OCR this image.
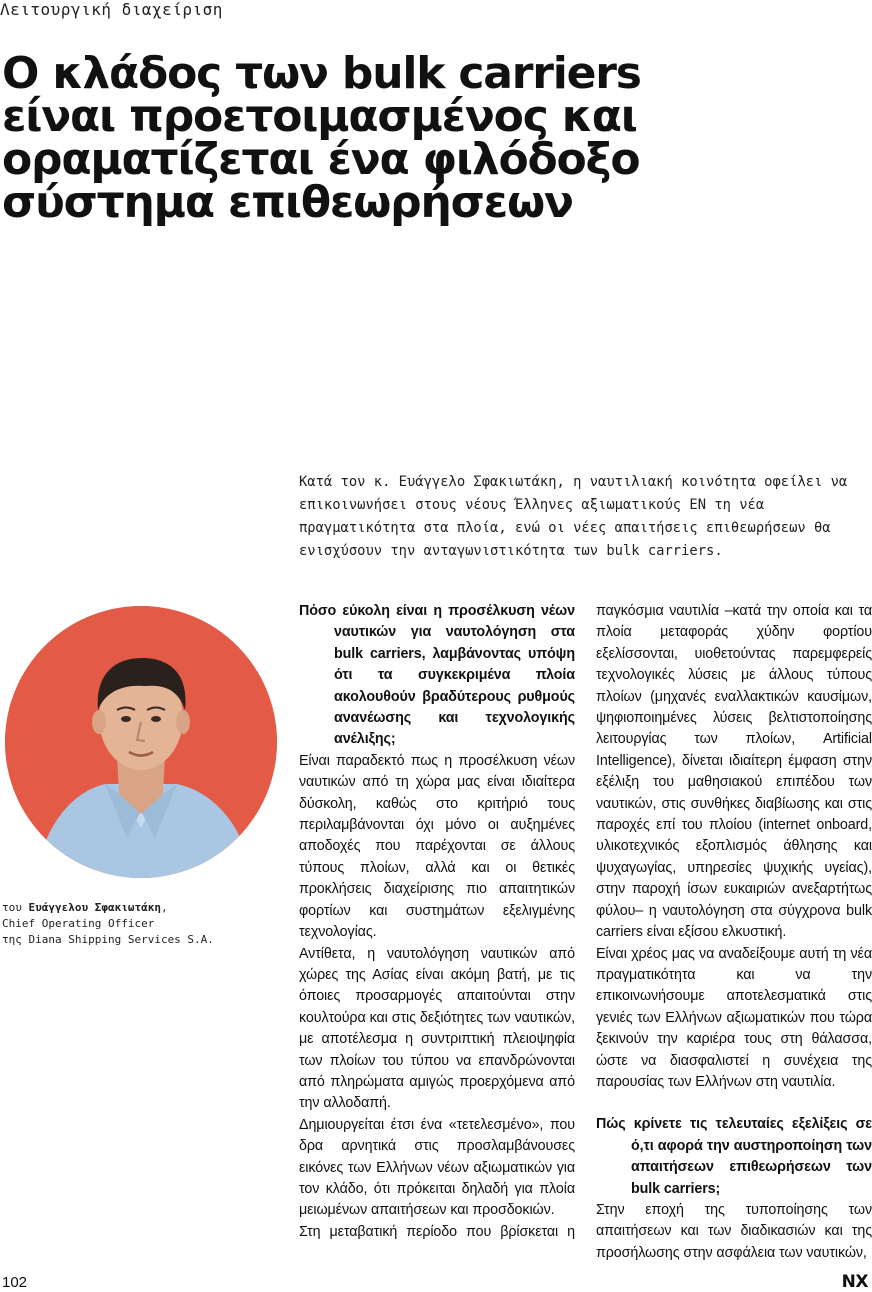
Λειτουργική διαχείριση
Ο κλάδος των bulk carriers
είναι προετοιμασμένος και
οραματίζεται ένα φιλόδοξο
σύστημα επιθεωρήσεων

Κατά τον κ. Ευάγγελο Σφακιωτάκη, η ναυτιλιακή κοινότητα οφείλει να επικοινωνήσει στους νέους Έλληνες αξιωματικούς ΕΝ τη νέα πραγματικότητα στα πλοία, ενώ οι νέες απαιτήσεις επιθεωρήσεων θα ενισχύσουν την ανταγωνιστικότητα των bulk carriers.

του Ευάγγελου Σφακιωτάκη,
Chief Operating Officer
της Diana Shipping Services S.A.

Πόσο εύκολη είναι η προσέλκυση νέων ναυτικών για ναυτολόγηση στα bulk carriers, λαμβάνοντας υπόψη ότι τα συγκεκριμένα πλοία ακολουθούν βραδύτερους ρυθμούς ανανέωσης και τεχνολογικής ανέλιξης;

Είναι παραδεκτό πως η προσέλκυση νέων ναυτικών από τη χώρα μας είναι ιδιαίτερα δύσκολη, καθώς στο κριτήριό τους περιλαμβάνονται όχι μόνο οι αυξημένες αποδοχές που παρέχονται σε άλλους τύπους πλοίων, αλλά και οι θετικές προκλήσεις διαχείρισης πιο απαιτητικών φορτίων και συστημάτων εξελιγμένης τεχνολογίας.

Αντίθετα, η ναυτολόγηση ναυτικών από χώρες της Ασίας είναι ακόμη βατή, με τις όποιες προσαρμογές απαιτούνται στην κουλτούρα και στις δεξιότητες των ναυτικών, με αποτέλεσμα η συντριπτική πλειοψηφία των πλοίων του τύπου να επανδρώνονται από πληρώματα αμιγώς προερχόμενα από την αλλοδαπή.

Δημιουργείται έτσι ένα «τετελεσμένο», που δρα αρνητικά στις προσλαμβάνουσες εικόνες των Ελλήνων νέων αξιωματικών για τον κλάδο, ότι πρόκειται δηλαδή για πλοία μειωμένων απαιτήσεων και προσδοκιών.

Στη μεταβατική περίοδο που βρίσκεται η

παγκόσμια ναυτιλία –κατά την οποία και τα πλοία μεταφοράς χύδην φορτίου εξελίσσονται, υιοθετούντας παρεμφερείς τεχνολογικές λύσεις με άλλους τύπους πλοίων (μηχανές εναλλακτικών καυσίμων, ψηφιοποιημένες λύσεις βελτιστοποίησης λειτουργίας των πλοίων, Artificial Intelligence), δίνεται ιδιαίτερη έμφαση στην εξέλιξη του μαθησιακού επιπέδου των ναυτικών, στις συνθήκες διαβίωσης και στις παροχές επί του πλοίου (internet onboard, υλικοτεχνικός εξοπλισμός άθλησης και ψυχαγωγίας, υπηρεσίες ψυχικής υγείας), στην παροχή ίσων ευκαιριών ανεξαρτήτως φύλου– η ναυτολόγηση στα σύγχρονα bulk carriers είναι εξίσου ελκυστική.

Είναι χρέος μας να αναδείξουμε αυτή τη νέα πραγματικότητα και να την επικοινωνήσουμε αποτελεσματικά στις γενιές των Ελλήνων αξιωματικών που τώρα ξεκινούν την καριέρα τους στη θάλασσα, ώστε να διασφαλιστεί η συνέχεια της παρουσίας των Ελλήνων στη ναυτιλία.

Πώς κρίνετε τις τελευταίες εξελίξεις σε ό,τι αφορά την αυστηροποίηση των απαιτήσεων επιθεωρήσεων των bulk carriers;

Στην εποχή της τυποποίησης των απαιτήσεων και των διαδικασιών και της προσήλωσης στην ασφάλεια των ναυτικών,

102	NX
